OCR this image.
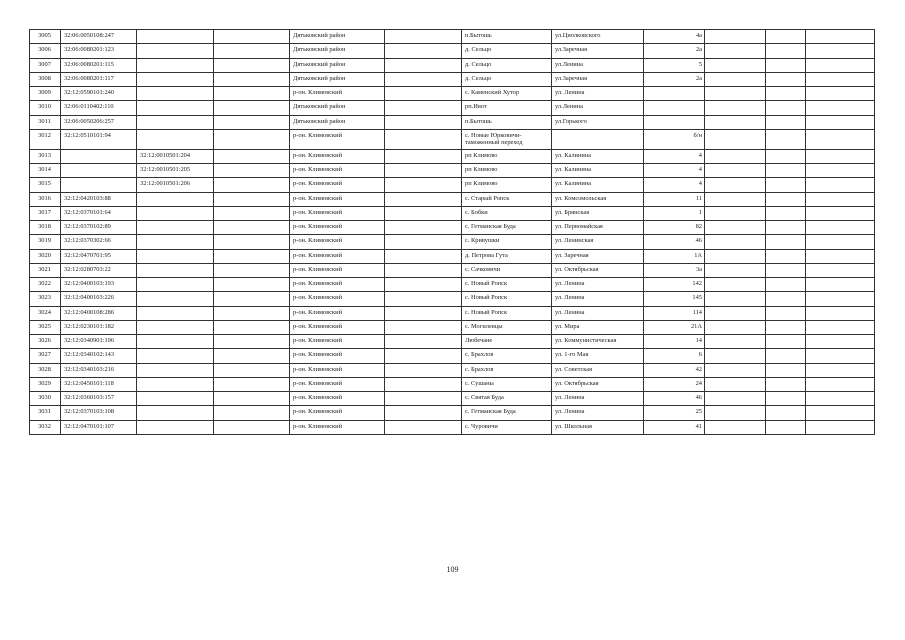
3005	32:06:0050108:247			Дятьковский район		п.Бытошь	ул.Циолковского	4а			
3006	32:06:0080201:123			Дятьковский район		д. Сельцо	ул.Заречная	2а			
3007	32:06:0080201:115			Дятьковский район		д. Сельцо	ул.Ленина	5			
3008	32:06:0080201:117			Дятьковский район		д. Сельцо	ул.Заречная	2а			
3009	32:12:0590101:240			р-он. Климовский		с. Каменский Хутор	ул. Ленина				
3010	32:06:0110402:110			Дятьковский район		рп.Ивот	ул.Ленина				
3011	32:06:0050206:257			Дятьковский район		п.Бытошь	ул.Горького				
3012	32:12:0510101:94			р-он. Климовский		с. Новые Юрковичи-таможенный переход		б/н			
3013		32:12:0010501:204		р-он. Климовский		рп Климово	ул. Калинина	4			
3014		32:12:0010501:205		р-он. Климовский		рп Климово	ул. Калинина	4			
3015		32:12:0010501:206		р-он. Климовский		рп Климово	ул. Калинина	4			
3016	32:12:0420103:88			р-он. Климовский		с. Старый Ропск	ул. Комсомольская	11			
3017	32:12:0370101:64			р-он. Климовский		с. Бобки	ул. Брянская	1			
3018	32:12:0370102:89			р-он. Климовский		с. Гетманская Буда	ул. Первомайская	82			
3019	32:12:0370302:66			р-он. Климовский		с. Кривушки	ул. Ленинская	46			
3020	32:12:0470701:95			р-он. Климовский		д. Петрова Гута	ул. Заречная	1А			
3021	32:12:0280703:22			р-он. Климовский		с. Сачковичи	ул. Октябрьская	3а			
3022	32:12:0400103:193			р-он. Климовский		с. Новый Ропск	ул. Ленина	142			
3023	32:12:0400103:226			р-он. Климовский		с. Новый Ропск	ул. Ленина	145			
3024	32:12:0400108:286			р-он. Климовский		с. Новый Ропск	ул. Ленина	114			
3025	32:12:0230101:182			р-он. Климовский		с. Могилевцы	ул. Мира	21А			
3026	32:12:0340901:196			р-он. Климовский		Любечане	ул. Коммунистическая	14			
3027	32:12:0340102:143			р-он. Климовский		с. Брахлов	ул. 1-го Мая	6			
3028	32:12:0340103:216			р-он. Климовский		с. Брахлов	ул. Советская	42			
3029	32:12:0450101:118			р-он. Климовский		с. Сушаны	ул. Октябрьская	24			
3030	32:12:0360103:157			р-он. Климовский		с. Святая Буда	ул. Ленина	46			
3031	32:12:0370103:108			р-он. Климовский		с. Гетманская Буда	ул. Ленина	25			
3032	32:12:0470101:107			р-он. Климовский		с. Чуровичи	ул. Школьная	41			
109
